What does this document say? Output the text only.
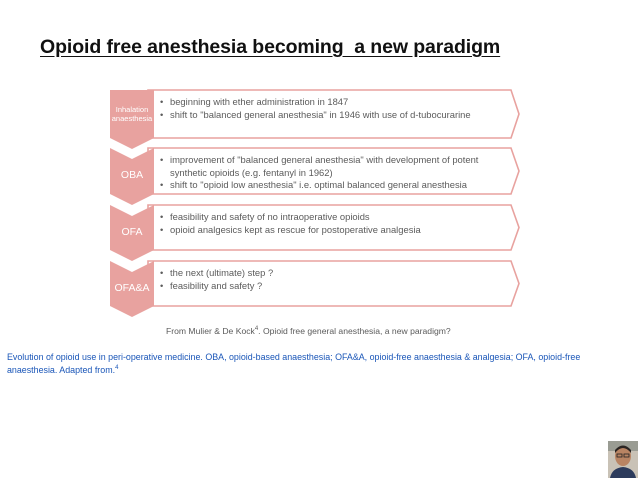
Opioid free anesthesia becoming  a new paradigm
Inhalation
anaesthesia
OBA
OFA
OFA&A
• beginning with ether administration in 1847
• shift to "balanced general anesthesia" in 1946 with use of d-tubocurarine
• improvement of "balanced general anesthesia" with development of potent synthetic opioids (e.g. fentanyl in 1962)
• shift to "opioid low anesthesia" i.e. optimal balanced general anesthesia
• feasibility and safety of no intraoperative opioids
• opioid analgesics kept as rescue for postoperative analgesia
• the next (ultimate) step ?
• feasibility and safety ?
From Mulier & De Kock$^4$. Opioid free general anesthesia, a new paradigm?
Evolution of opioid use in peri-operative medicine. OBA, opioid-based anaesthesia; OFA&A, opioid-free anaesthesia & analgesia; OFA, opioid-free anaesthesia. Adapted from.$^4$
